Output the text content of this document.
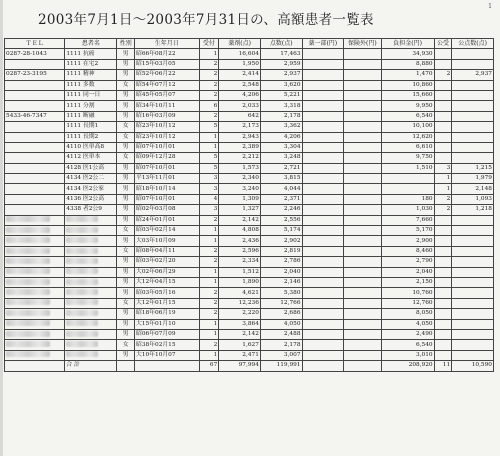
1
2003年7月1日～2003年7月31日の、高額患者一覧表
ＴＥＬ	患者名	性別	生年月日	受付	薬剤(点)	点数(点)	薬一部(円)	保険外(円)	負担金(円)	公受	公点数(点)
0287-28-1043	1111 抗癌	男	昭66年08月22	1	16,604	17,463			34,930		
	1111 在宅2	男	昭15年03月05	2	1,950	2,959			8,880		
0287-23-3195	1111 精神	男	昭52年06月22	2	2,414	2,937			1,470	2	2,937
	1111 多数	女	昭54年07月12	2	2,548	3,620			10,860		
	1111 同一日	男	昭45年05月07	2	4,206	5,221			15,660		
	1111 分割	男	昭34年10月11	6	2,033	3,318			9,950		
5433-46-7347	1111 断融	男	昭16年03月09	2	642	2,178			6,540		
	1111 長期1	女	昭23年10月12	5	2,173	3,362			10,100		
	1111 長期2	女	昭23年10月12	1	2,943	4,206			12,620		
	4110 医単高8	男	昭07年10月01	1	2,389	3,304			6,610		
	4112 医単本	女	昭09年12月28	5	2,212	3,248			9,750		
	4128 医1公高	男	昭07年10月01	5	1,573	2,721			1,510	3	1,215
	4134 医2公二	男	平13年11月01	3	2,340	3,815				1	1,979
	4134 医2公家	男	昭18年10月14	3	3,240	4,044				1	2,148
	4136 医2公高	男	昭07年10月01	4	1,309	2,371			180	2	1,093
	4338 者2公9	男	昭02年03月08	3	1,327	2,246			1,030	2	1,218
		男	昭24年01月01	2	2,142	2,556			7,660		
		女	昭03年02月14	1	4,808	5,174			5,170		
		男	大03年10月09	1	2,436	2,902			2,900		
		女	昭08年04月11	2	2,596	2,819			8,460		
		男	昭03年02月20	2	2,334	2,786			2,790		
		男	大02年06月29	1	1,512	2,040			2,040		
		男	大12年04月15	1	1,890	2,146			2,150		
		男	昭03年05月16	2	4,621	5,380			10,760		
		女	大12年01月15	2	12,236	12,766			12,760		
		男	昭18年06月19	2	2,220	2,686			8,050		
		男	大15年01月10	1	3,864	4,050			4,050		
		男	昭06年07月09	1	2,142	2,488			2,490		
		女	昭38年02月15	2	1,627	2,178			6,540		
		男	大10年10月07	1	2,471	3,007			3,010		
	合 計			67	97,994	119,991			208,920	11	10,590
